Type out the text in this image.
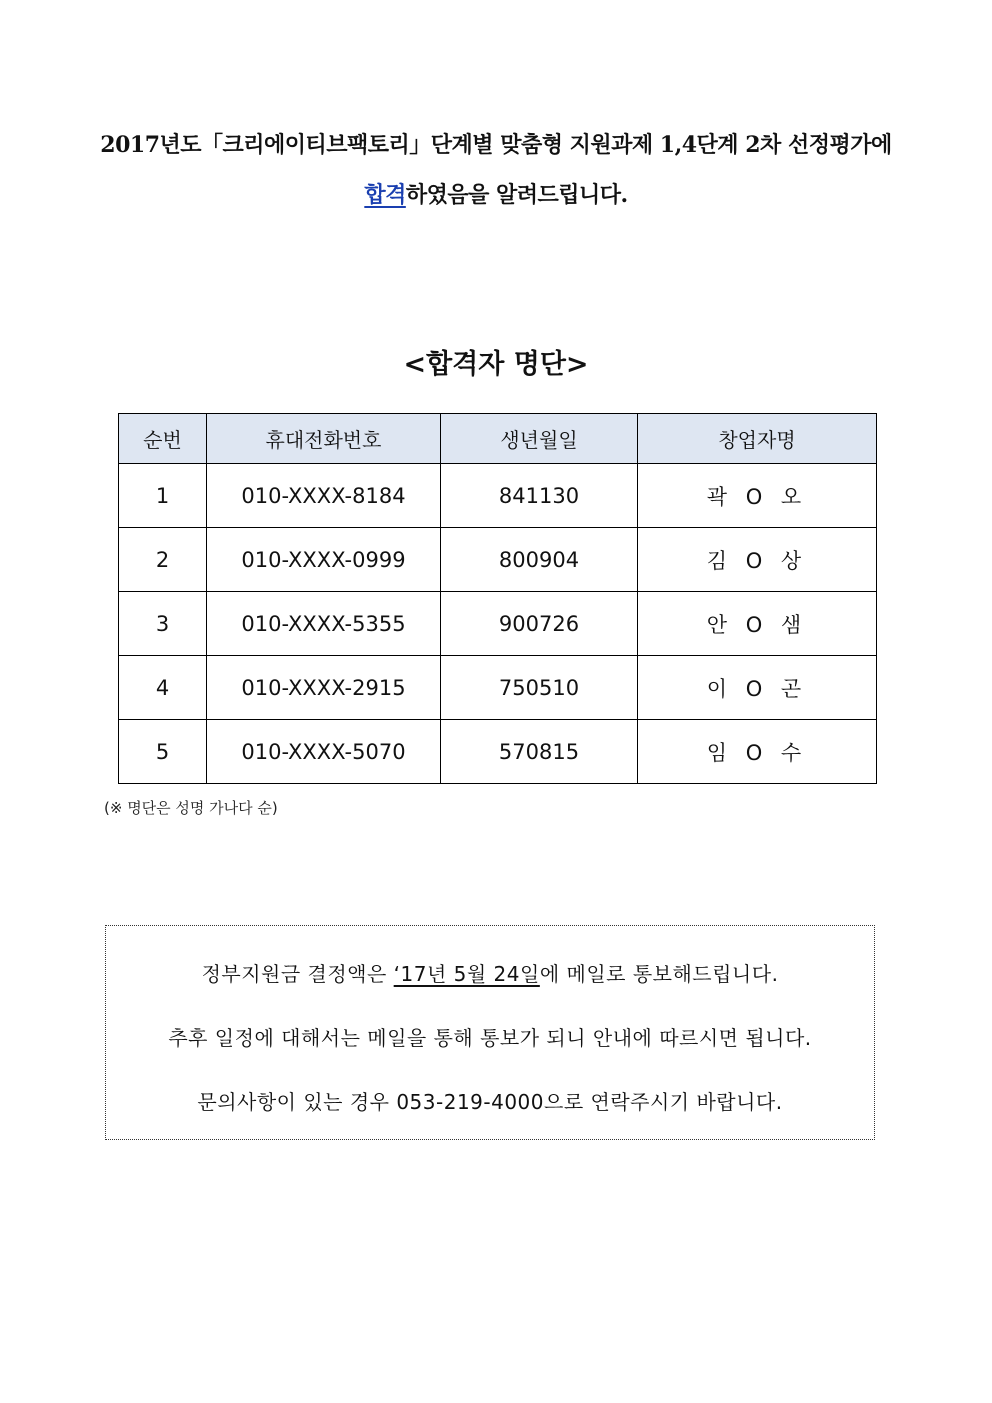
2017년도「크리에이티브팩토리」단계별 맞춤형 지원과제 1,4단계 2차 선정평가에
합격하였음을 알려드립니다.
<합격자 명단>
순번	휴대전화번호	생년월일	창업자명
1	010-XXXX-8184	841130	곽 O 오
2	010-XXXX-0999	800904	김 O 상
3	010-XXXX-5355	900726	안 O 샘
4	010-XXXX-2915	750510	이 O 곤
5	010-XXXX-5070	570815	임 O 수
(※ 명단은 성명 가나다 순)

정부지원금 결정액은 ‘17년 5월 24일에 메일로 통보해드립니다.

추후 일정에 대해서는 메일을 통해 통보가 되니 안내에 따르시면 됩니다.

문의사항이 있는 경우 053-219-4000으로 연락주시기 바랍니다.
